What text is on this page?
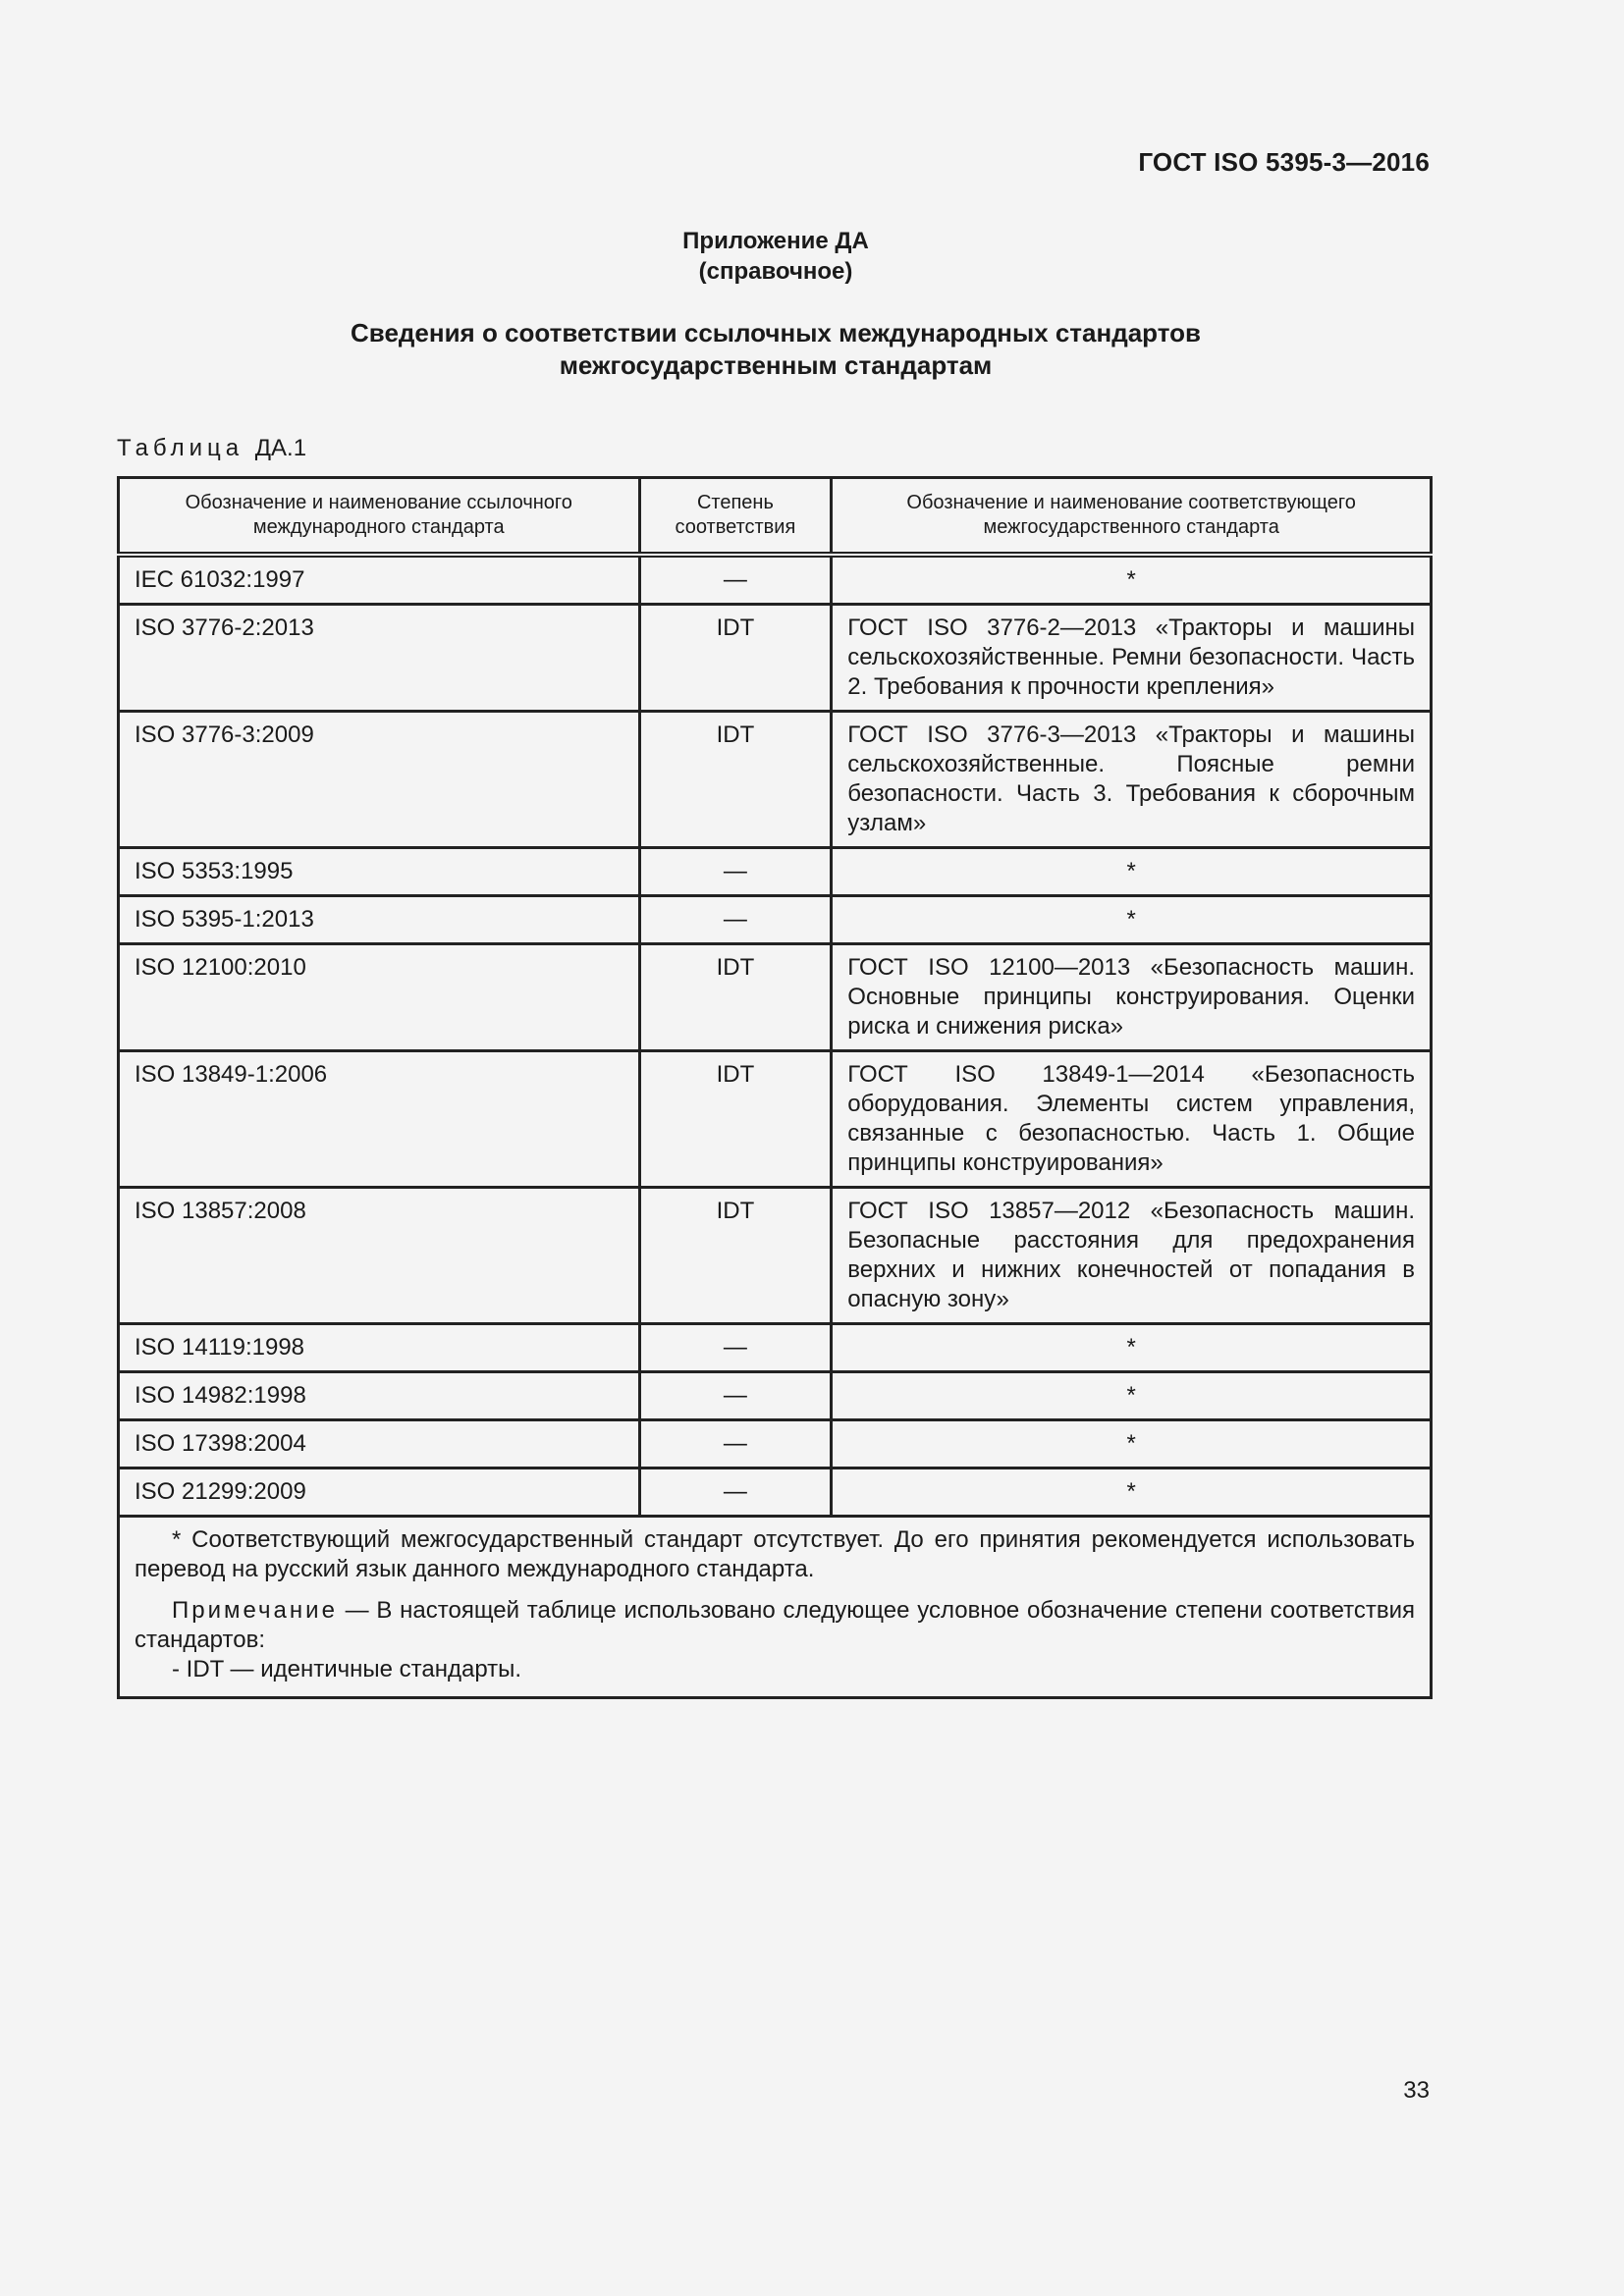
ГОСТ ISO 5395-3—2016
Приложение ДА
(справочное)
Сведения о соответствии ссылочных международных стандартов
межгосударственным стандартам
Таблица ДА.1
Обозначение и наименование ссылочного международного стандарта	Степень соответствия	Обозначение и наименование соответствующего межгосударственного стандарта
IEC 61032:1997	—	*
ISO 3776-2:2013	IDT	ГОСТ ISO 3776-2—2013 «Тракторы и машины сельскохозяйственные. Ремни безопасности. Часть 2. Требования к прочности крепления»
ISO 3776-3:2009	IDT	ГОСТ ISO 3776-3—2013 «Тракторы и машины сельскохозяйственные. Поясные ремни безопасности. Часть 3. Требования к сборочным узлам»
ISO 5353:1995	—	*
ISO 5395-1:2013	—	*
ISO 12100:2010	IDT	ГОСТ ISO 12100—2013 «Безопасность машин. Основные принципы конструирования. Оценки риска и снижения риска»
ISO 13849-1:2006	IDT	ГОСТ ISO 13849-1—2014 «Безопасность оборудования. Элементы систем управления, связанные с безопасностью. Часть 1. Общие принципы конструирования»
ISO 13857:2008	IDT	ГОСТ ISO 13857—2012 «Безопасность машин. Безопасные расстояния для предохранения верхних и нижних конечностей от попадания в опасную зону»
ISO 14119:1998	—	*
ISO 14982:1998	—	*
ISO 17398:2004	—	*
ISO 21299:2009	—	*

* Соответствующий межгосударственный стандарт отсутствует. До его принятия рекомендуется использовать перевод на русский язык данного международного стандарта.

Примечание — В настоящей таблице использовано следующее условное обозначение степени соответствия стандартов:

- IDT — идентичные стандарты.		

33
